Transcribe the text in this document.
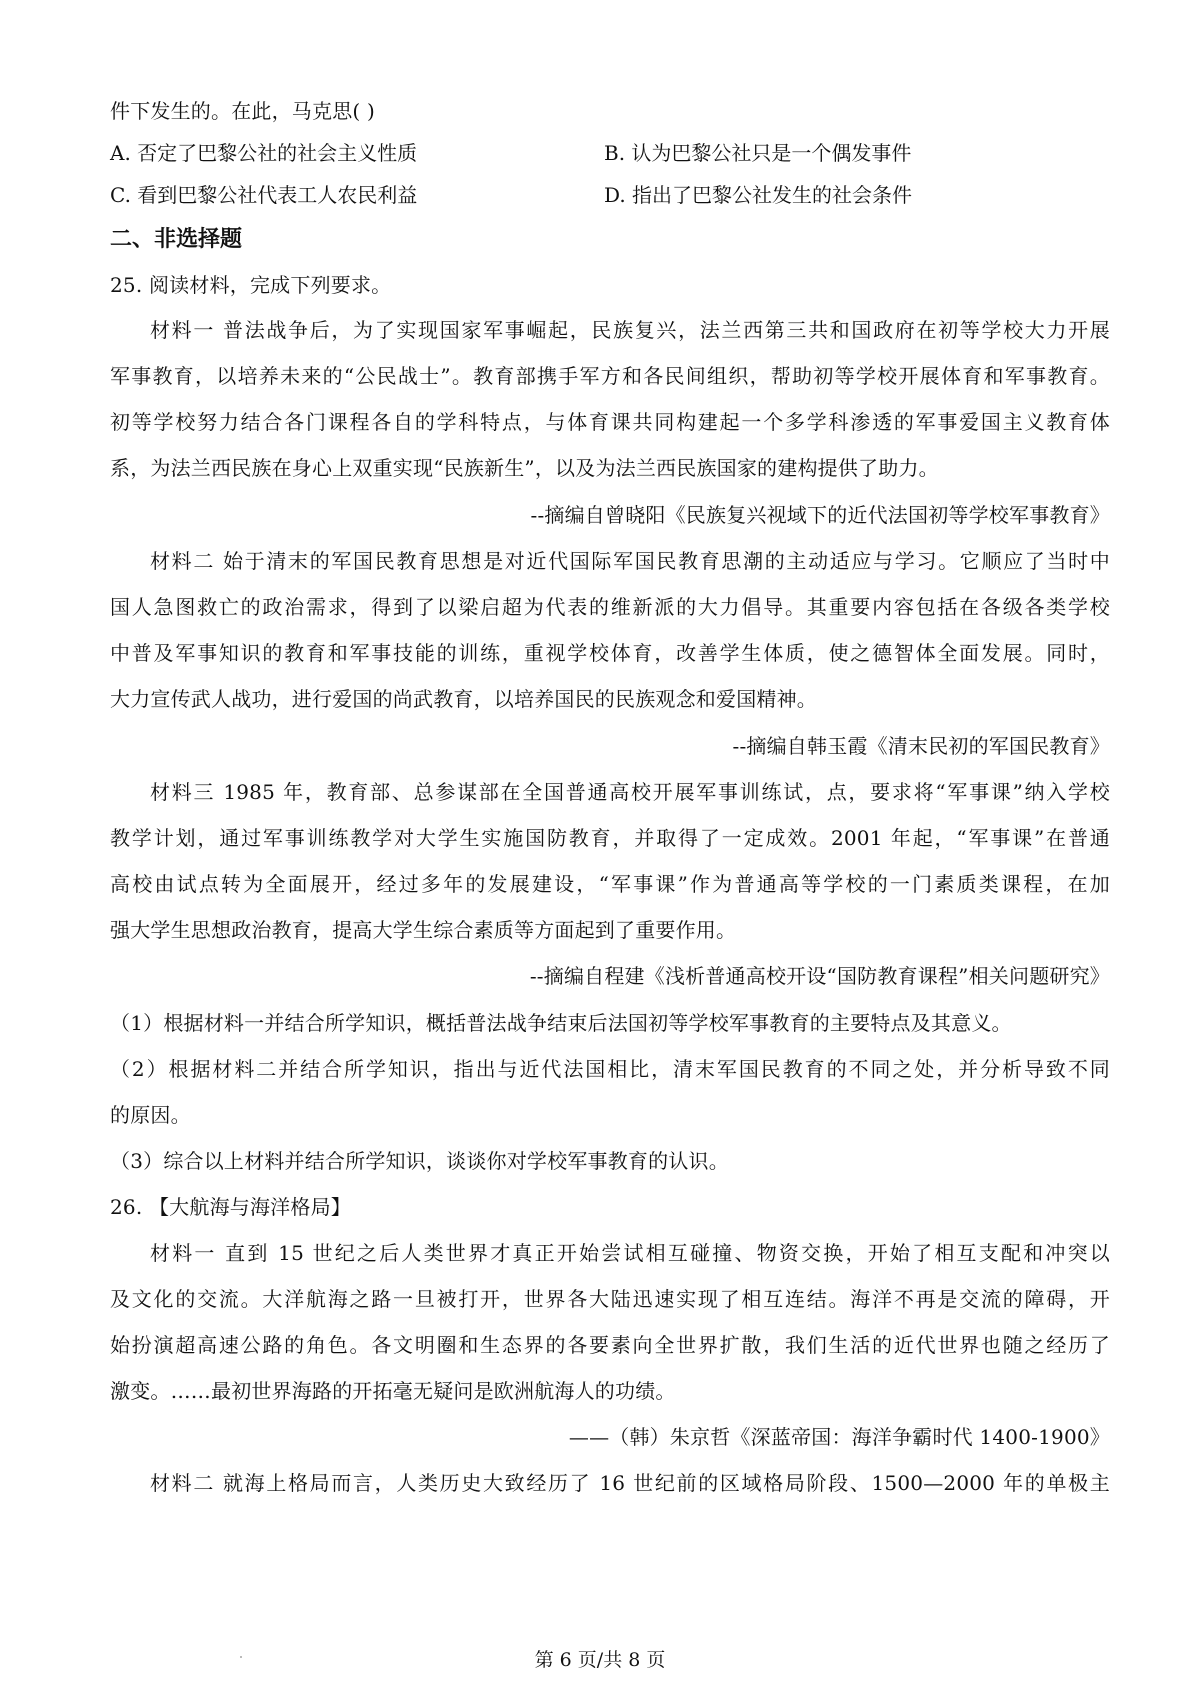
件下发生的。在此，马克思( )
A. 否定了巴黎公社的社会主义性质	B. 认为巴黎公社只是一个偶发事件
C. 看到巴黎公社代表工人农民利益	D. 指出了巴黎公社发生的社会条件
二、非选择题
25. 阅读材料，完成下列要求。
材料一 普法战争后，为了实现国家军事崛起，民族复兴，法兰西第三共和国政府在初等学校大力开展
军事教育，以培养未来的“公民战士”。教育部携手军方和各民间组织，帮助初等学校开展体育和军事教育。
初等学校努力结合各门课程各自的学科特点，与体育课共同构建起一个多学科渗透的军事爱国主义教育体
系，为法兰西民族在身心上双重实现“民族新生”，以及为法兰西民族国家的建构提供了助力。
--摘编自曾晓阳《民族复兴视域下的近代法国初等学校军事教育》
材料二 始于清末的军国民教育思想是对近代国际军国民教育思潮的主动适应与学习。它顺应了当时中
国人急图救亡的政治需求，得到了以梁启超为代表的维新派的大力倡导。其重要内容包括在各级各类学校
中普及军事知识的教育和军事技能的训练，重视学校体育，改善学生体质，使之德智体全面发展。同时，
大力宣传武人战功，进行爱国的尚武教育，以培养国民的民族观念和爱国精神。
--摘编自韩玉霞《清末民初的军国民教育》
材料三 1985 年，教育部、总参谋部在全国普通高校开展军事训练试，点，要求将“军事课”纳入学校
教学计划，通过军事训练教学对大学生实施国防教育，并取得了一定成效。2001 年起，“军事课”在普通
高校由试点转为全面展开，经过多年的发展建设，“军事课”作为普通高等学校的一门素质类课程，在加
强大学生思想政治教育，提高大学生综合素质等方面起到了重要作用。
--摘编自程建《浅析普通高校开设“国防教育课程”相关问题研究》
（1）根据材料一并结合所学知识，概括普法战争结束后法国初等学校军事教育的主要特点及其意义。
（2）根据材料二并结合所学知识，指出与近代法国相比，清末军国民教育的不同之处，并分析导致不同
的原因。
（3）综合以上材料并结合所学知识，谈谈你对学校军事教育的认识。
26. 【大航海与海洋格局】
材料一 直到 15 世纪之后人类世界才真正开始尝试相互碰撞、物资交换，开始了相互支配和冲突以
及文化的交流。大洋航海之路一旦被打开，世界各大陆迅速实现了相互连结。海洋不再是交流的障碍，开
始扮演超高速公路的角色。各文明圈和生态界的各要素向全世界扩散，我们生活的近代世界也随之经历了
激变。……最初世界海路的开拓毫无疑问是欧洲航海人的功绩。
——（韩）朱京哲《深蓝帝国：海洋争霸时代 1400-1900》
材料二 就海上格局而言，人类历史大致经历了 16 世纪前的区域格局阶段、1500—2000 年的单极主
第 6 页/共 8 页
